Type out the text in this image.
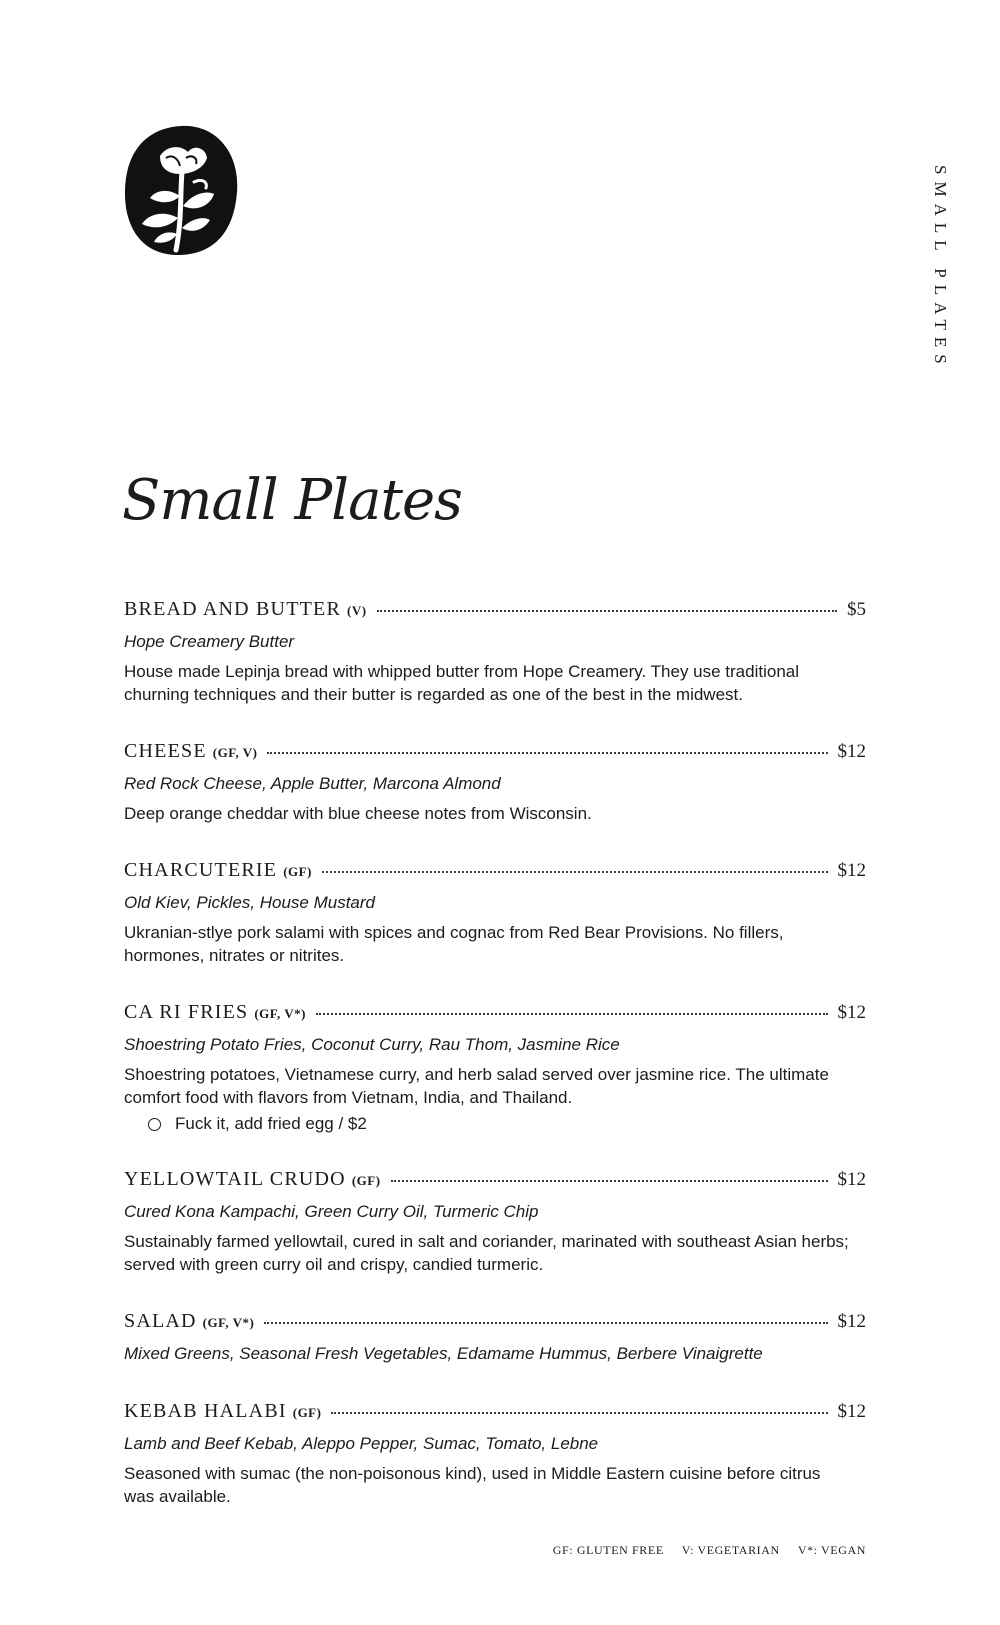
SMALL PLATES
Small Plates
BREAD AND BUTTER (V)	$5
Hope Creamery Butter
House made Lepinja bread with whipped butter from Hope Creamery. They use traditional churning techniques and their butter is regarded as one of the best in the midwest.
CHEESE (GF, V)	$12
Red Rock Cheese, Apple Butter, Marcona Almond
Deep orange cheddar with blue cheese notes from Wisconsin.
CHARCUTERIE (GF)	$12
Old Kiev, Pickles, House Mustard
Ukranian-stlye pork salami with spices and cognac from Red Bear Provisions. No fillers, hormones, nitrates or nitrites.
CA RI FRIES (GF, V*)	$12
Shoestring Potato Fries, Coconut Curry, Rau Thom, Jasmine Rice
Shoestring potatoes, Vietnamese curry, and herb salad served over jasmine rice. The ultimate comfort food with flavors from Vietnam, India, and Thailand.
Fuck it, add fried egg / $2
YELLOWTAIL CRUDO (GF)	$12
Cured Kona Kampachi, Green Curry Oil, Turmeric Chip
Sustainably farmed yellowtail, cured in salt and coriander, marinated with southeast Asian herbs; served with green curry oil and crispy, candied turmeric.
SALAD (GF, V*)	$12
Mixed Greens, Seasonal Fresh Vegetables, Edamame Hummus, Berbere Vinaigrette
KEBAB HALABI (GF)	$12
Lamb and Beef Kebab, Aleppo Pepper, Sumac, Tomato, Lebne
Seasoned with sumac (the non-poisonous kind), used in Middle Eastern cuisine before citrus was available.
GF: GLUTEN FREE V: VEGETARIAN V*: VEGAN
